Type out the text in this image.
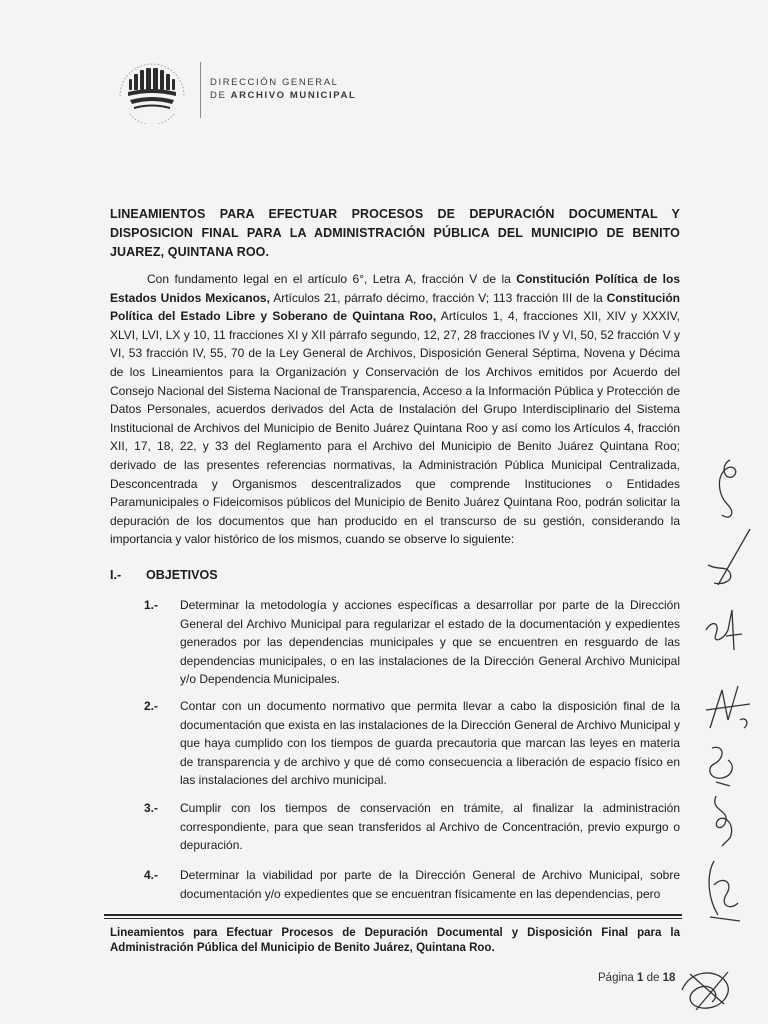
DIRECCIÓN GENERAL
DE ARCHIVO MUNICIPAL
LINEAMIENTOS PARA EFECTUAR PROCESOS DE DEPURACIÓN DOCUMENTAL Y DISPOSICION FINAL PARA LA ADMINISTRACIÓN PÚBLICA DEL MUNICIPIO DE BENITO JUAREZ, QUINTANA ROO.
Con fundamento legal en el artículo 6°, Letra A, fracción V de la Constitución Política de los Estados Unidos Mexicanos, Artículos 21, párrafo décimo, fracción V; 113 fracción III de la Constitución Política del Estado Libre y Soberano de Quintana Roo, Artículos 1, 4, fracciones XII, XIV y XXXIV, XLVI, LVI, LX y 10, 11 fracciones XI y XII párrafo segundo, 12, 27, 28 fracciones IV y VI, 50, 52 fracción V y VI, 53 fracción IV, 55, 70 de la Ley General de Archivos, Disposición General Séptima, Novena y Décima de los Lineamientos para la Organización y Conservación de los Archivos emitidos por Acuerdo del Consejo Nacional del Sistema Nacional de Transparencia, Acceso a la Información Pública y Protección de Datos Personales, acuerdos derivados del Acta de Instalación del Grupo Interdisciplinario del Sistema Institucional de Archivos del Municipio de Benito Juárez Quintana Roo y así como los Artículos 4, fracción XII, 17, 18, 22, y 33 del Reglamento para el Archivo del Municipio de Benito Juárez Quintana Roo; derivado de las presentes referencias normativas, la Administración Pública Municipal Centralizada, Desconcentrada y Organismos descentralizados que comprende Instituciones o Entidades Paramunicipales o Fideicomisos públicos del Municipio de Benito Juárez Quintana Roo, podrán solicitar la depuración de los documentos que han producido en el transcurso de su gestión, considerando la importancia y valor histórico de los mismos, cuando se observe lo siguiente:
I.- OBJETIVOS
1.- Determinar la metodología y acciones específicas a desarrollar por parte de la Dirección General del Archivo Municipal para regularizar el estado de la documentación y expedientes generados por las dependencias municipales y que se encuentren en resguardo de las dependencias municipales, o en las instalaciones de la Dirección General Archivo Municipal y/o Dependencia Municipales.
2.- Contar con un documento normativo que permita llevar a cabo la disposición final de la documentación que exista en las instalaciones de la Dirección General de Archivo Municipal y que haya cumplido con los tiempos de guarda precautoria que marcan las leyes en materia de transparencia y de archivo y que dé como consecuencia a liberación de espacio físico en las instalaciones del archivo municipal.
3.- Cumplir con los tiempos de conservación en trámite, al finalizar la administración correspondiente, para que sean transferidos al Archivo de Concentración, previo expurgo o depuración.
4.- Determinar la viabilidad por parte de la Dirección General de Archivo Municipal, sobre documentación y/o expedientes que se encuentran físicamente en las dependencias, pero
Lineamientos para Efectuar Procesos de Depuración Documental y Disposición Final para la Administración Pública del Municipio de Benito Juárez, Quintana Roo.
Página 1 de 18
